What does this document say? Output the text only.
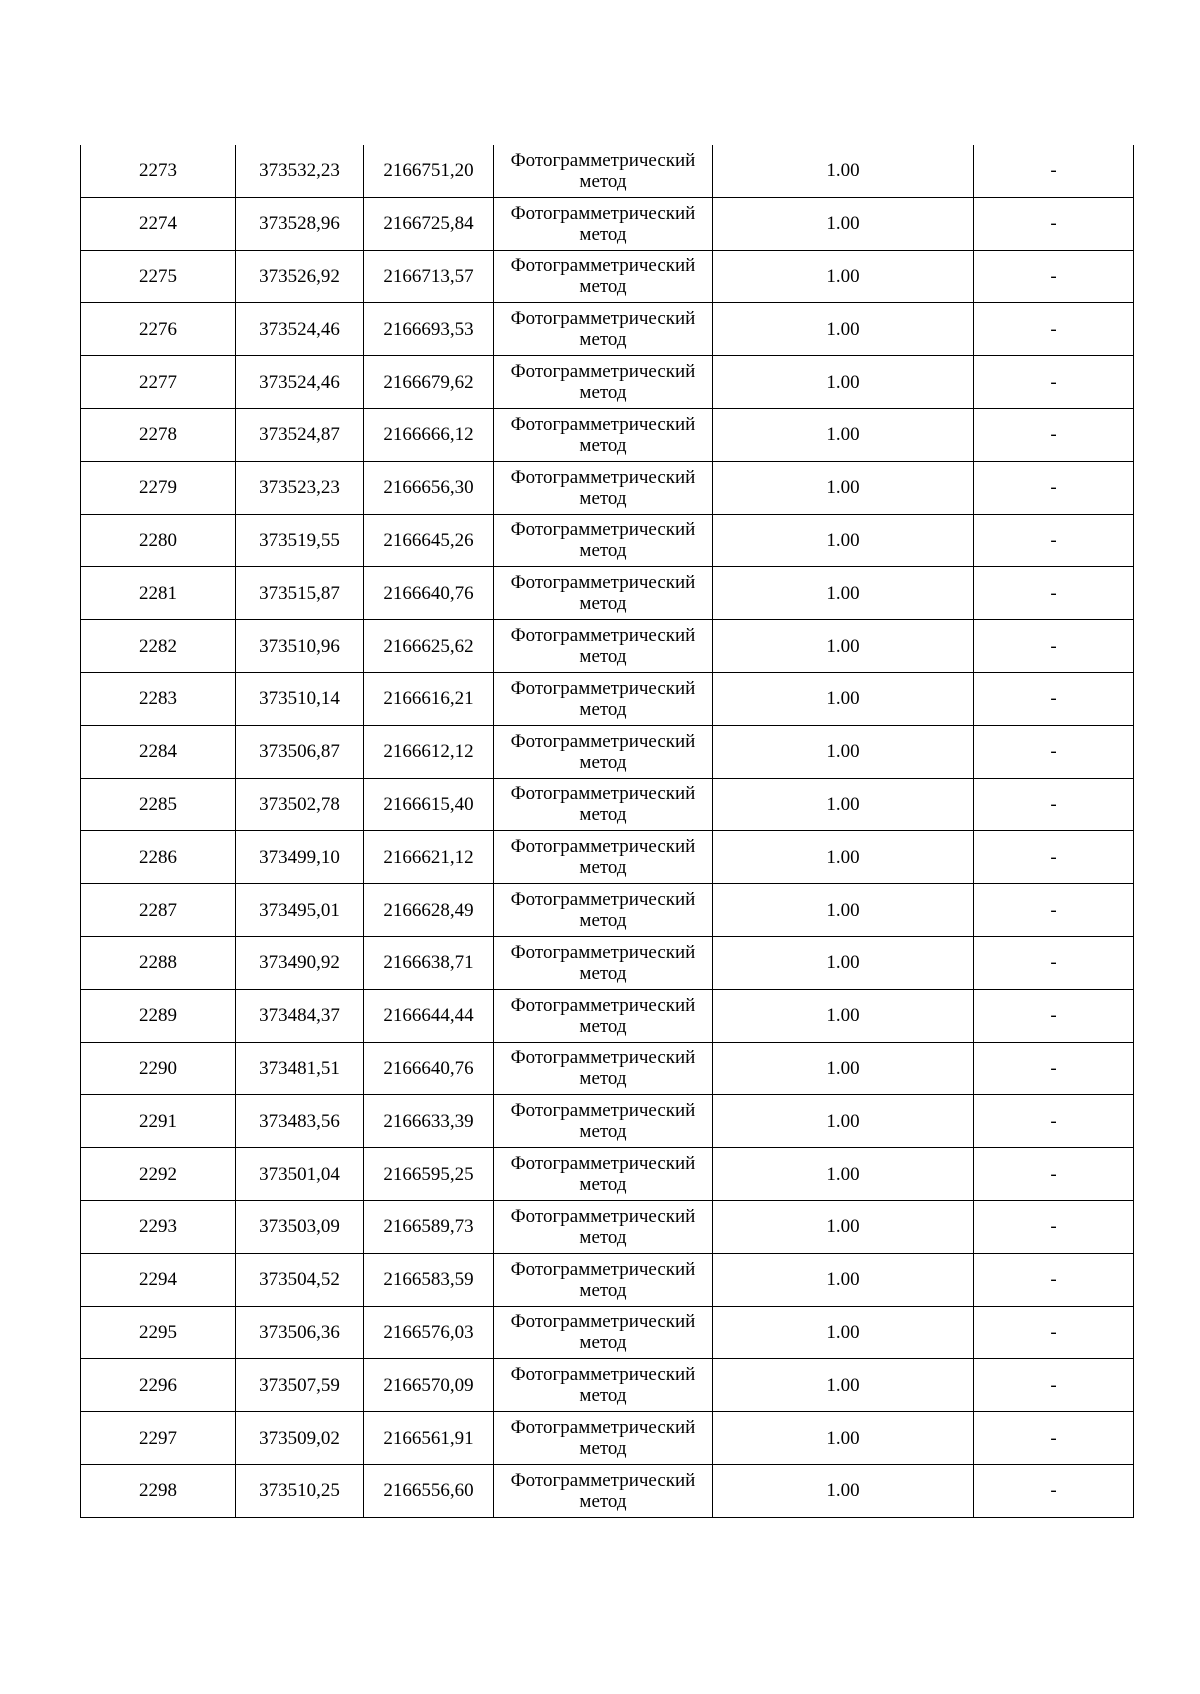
2273	373532,23	2166751,20	Фотограмметрический метод	1.00	-
2274	373528,96	2166725,84	Фотограмметрический метод	1.00	-
2275	373526,92	2166713,57	Фотограмметрический метод	1.00	-
2276	373524,46	2166693,53	Фотограмметрический метод	1.00	-
2277	373524,46	2166679,62	Фотограмметрический метод	1.00	-
2278	373524,87	2166666,12	Фотограмметрический метод	1.00	-
2279	373523,23	2166656,30	Фотограмметрический метод	1.00	-
2280	373519,55	2166645,26	Фотограмметрический метод	1.00	-
2281	373515,87	2166640,76	Фотограмметрический метод	1.00	-
2282	373510,96	2166625,62	Фотограмметрический метод	1.00	-
2283	373510,14	2166616,21	Фотограмметрический метод	1.00	-
2284	373506,87	2166612,12	Фотограмметрический метод	1.00	-
2285	373502,78	2166615,40	Фотограмметрический метод	1.00	-
2286	373499,10	2166621,12	Фотограмметрический метод	1.00	-
2287	373495,01	2166628,49	Фотограмметрический метод	1.00	-
2288	373490,92	2166638,71	Фотограмметрический метод	1.00	-
2289	373484,37	2166644,44	Фотограмметрический метод	1.00	-
2290	373481,51	2166640,76	Фотограмметрический метод	1.00	-
2291	373483,56	2166633,39	Фотограмметрический метод	1.00	-
2292	373501,04	2166595,25	Фотограмметрический метод	1.00	-
2293	373503,09	2166589,73	Фотограмметрический метод	1.00	-
2294	373504,52	2166583,59	Фотограмметрический метод	1.00	-
2295	373506,36	2166576,03	Фотограмметрический метод	1.00	-
2296	373507,59	2166570,09	Фотограмметрический метод	1.00	-
2297	373509,02	2166561,91	Фотограмметрический метод	1.00	-
2298	373510,25	2166556,60	Фотограмметрический метод	1.00	-
